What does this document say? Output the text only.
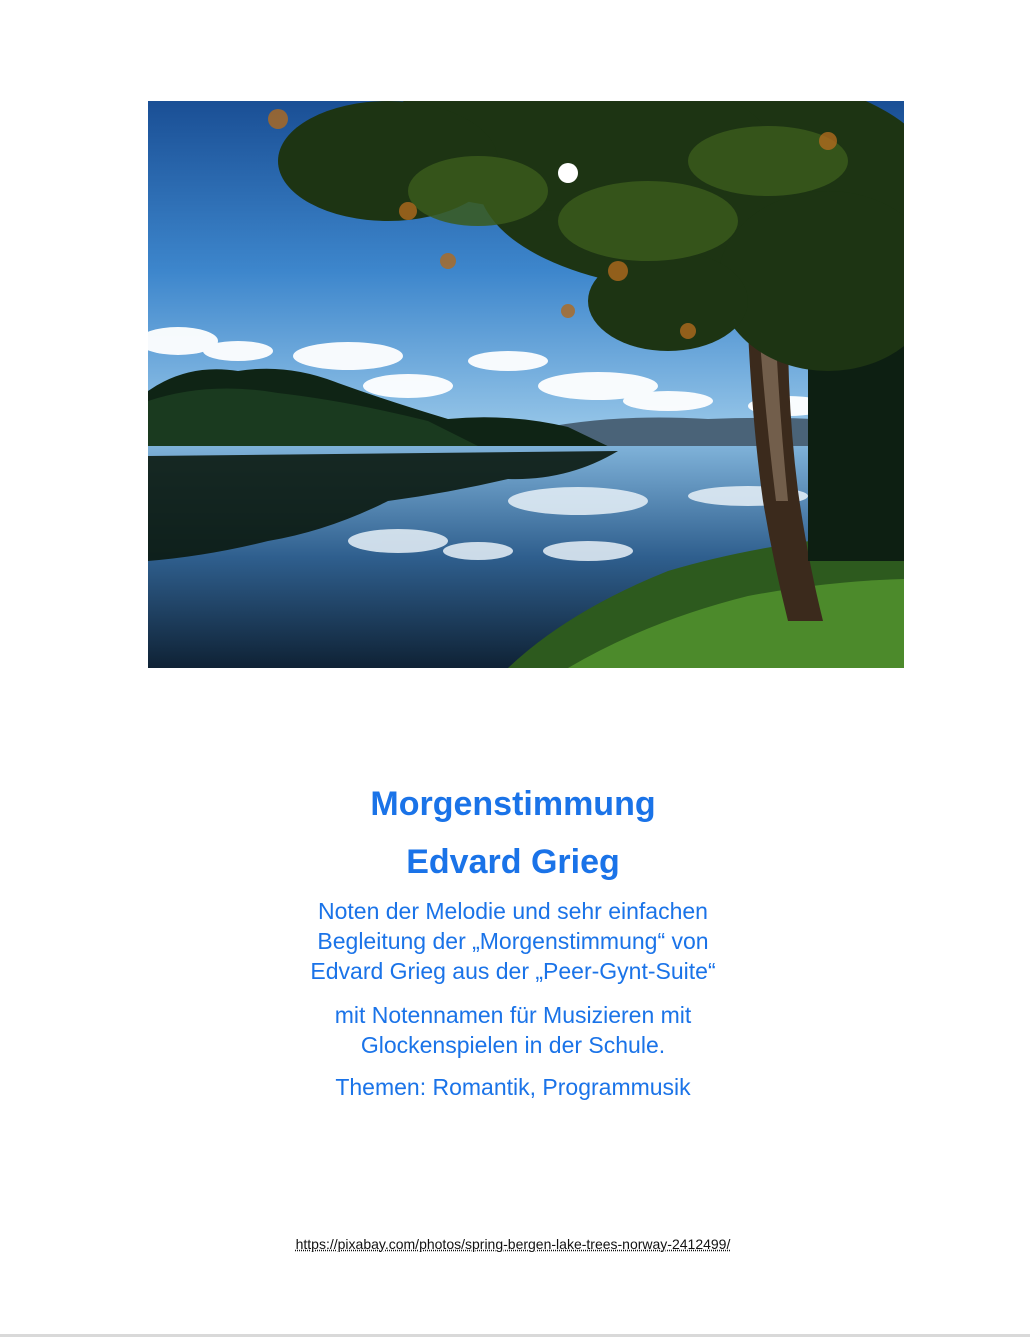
Morgenstimmung
Edvard Grieg

Noten der Melodie und sehr einfachen

Begleitung der „Morgenstimmung“ von

Edvard Grieg aus der „Peer-Gynt-Suite“

mit Notennamen für Musizieren mit

Glockenspielen in der Schule.

Themen: Romantik, Programmusik

https://pixabay.com/photos/spring-bergen-lake-trees-norway-2412499/
